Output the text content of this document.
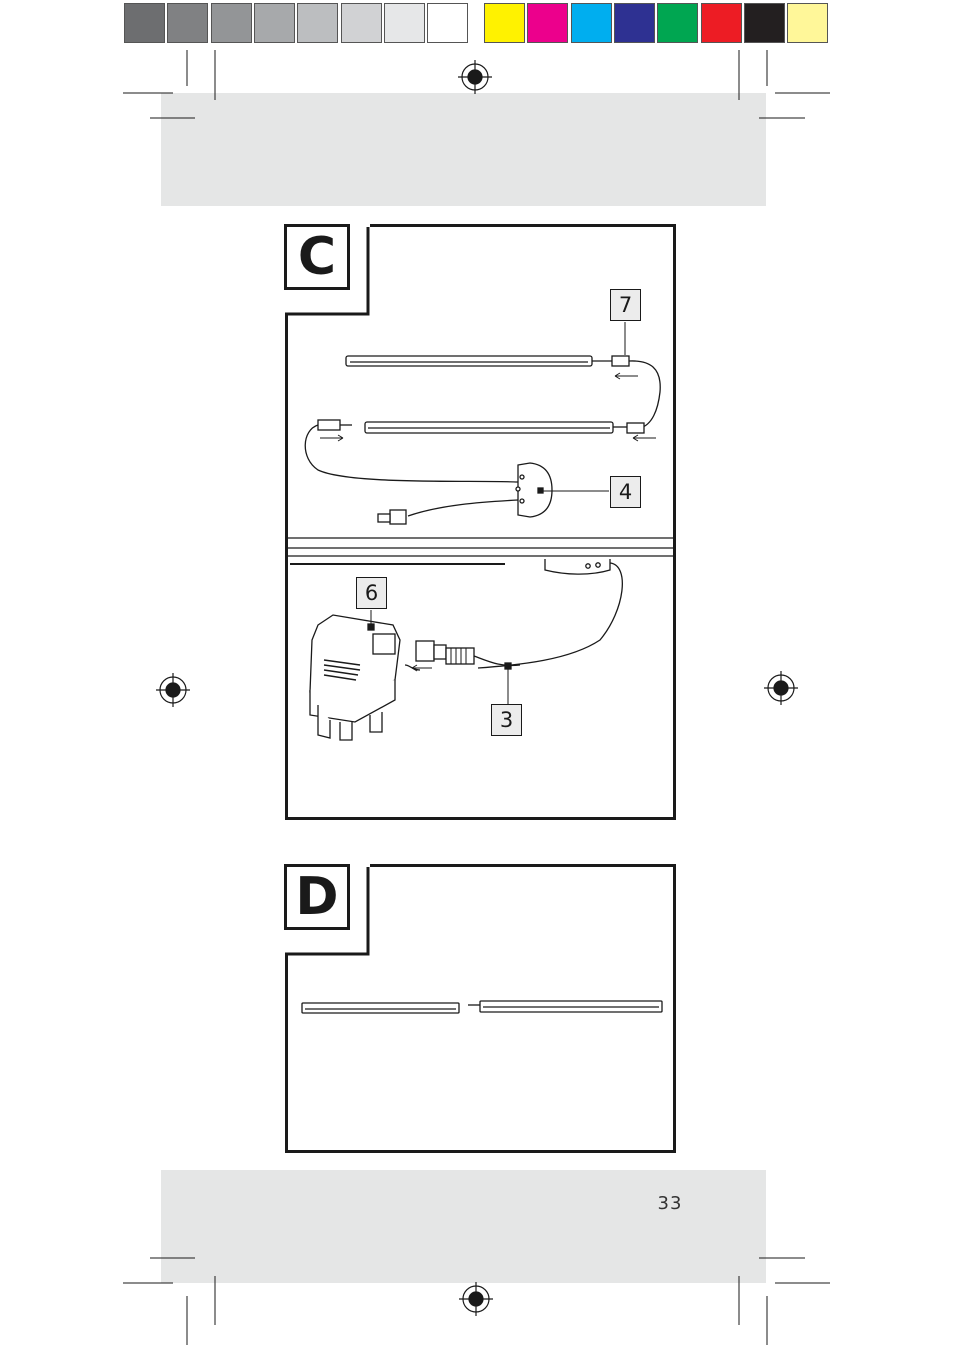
C
D
7
4
6
3
33
